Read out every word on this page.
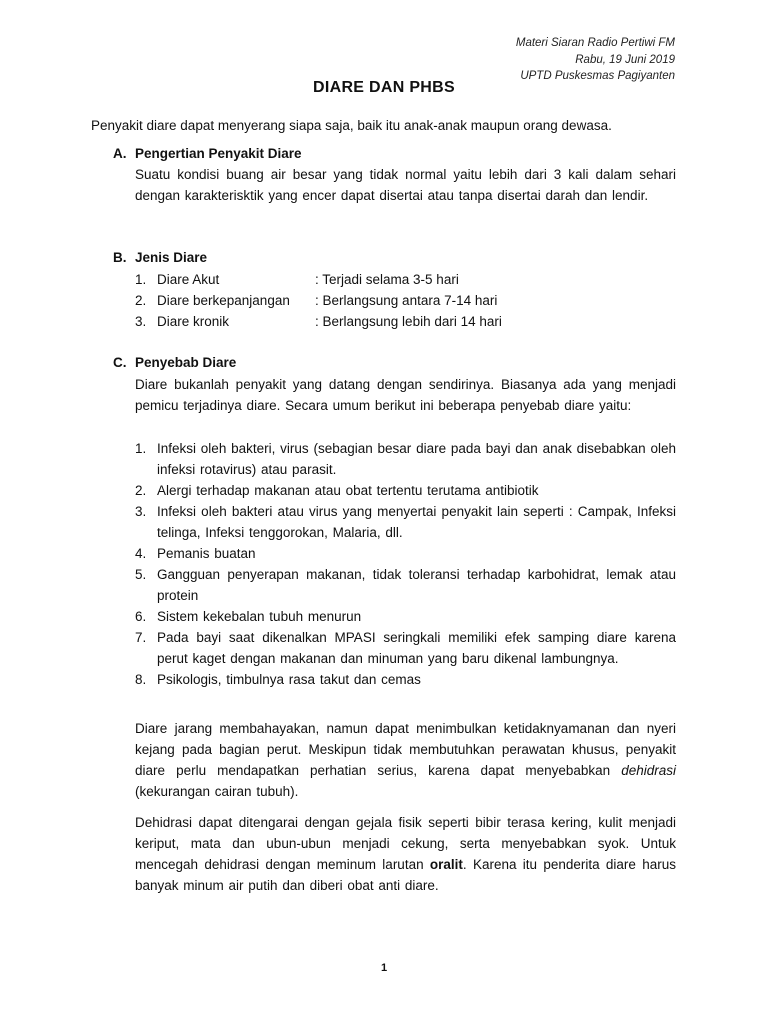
Materi Siaran Radio Pertiwi FM
Rabu, 19 Juni 2019
UPTD Puskesmas Pagiyanten
DIARE DAN PHBS
Penyakit diare dapat menyerang siapa saja, baik itu anak-anak maupun orang dewasa.
A. Pengertian Penyakit Diare
Suatu kondisi buang air besar yang tidak normal yaitu lebih dari 3 kali dalam sehari dengan karakterisktik yang encer dapat disertai atau tanpa disertai darah dan lendir.
B. Jenis Diare
1. Diare Akut	: Terjadi selama 3-5 hari
2. Diare berkepanjangan	: Berlangsung antara 7-14 hari
3. Diare kronik	: Berlangsung lebih dari 14 hari
C. Penyebab Diare
Diare bukanlah penyakit yang datang dengan sendirinya. Biasanya ada yang menjadi pemicu terjadinya diare. Secara umum berikut ini beberapa penyebab diare yaitu:
1. Infeksi oleh bakteri, virus (sebagian besar diare pada bayi dan anak disebabkan oleh infeksi rotavirus) atau parasit.
2. Alergi terhadap makanan atau obat tertentu terutama antibiotik
3. Infeksi oleh bakteri atau virus yang menyertai penyakit lain seperti : Campak, Infeksi telinga, Infeksi tenggorokan, Malaria, dll.
4. Pemanis buatan
5. Gangguan penyerapan makanan, tidak toleransi terhadap karbohidrat, lemak atau protein
6. Sistem kekebalan tubuh menurun
7. Pada bayi saat dikenalkan MPASI seringkali memiliki efek samping diare karena perut kaget dengan makanan dan minuman yang baru dikenal lambungnya.
8. Psikologis, timbulnya rasa takut dan cemas
Diare jarang membahayakan, namun dapat menimbulkan ketidaknyamanan dan nyeri kejang pada bagian perut. Meskipun tidak membutuhkan perawatan khusus, penyakit diare perlu mendapatkan perhatian serius, karena dapat menyebabkan dehidrasi (kekurangan cairan tubuh).
Dehidrasi dapat ditengarai dengan gejala fisik seperti bibir terasa kering, kulit menjadi keriput, mata dan ubun-ubun menjadi cekung, serta menyebabkan syok. Untuk mencegah dehidrasi dengan meminum larutan oralit. Karena itu penderita diare harus banyak minum air putih dan diberi obat anti diare.
1
